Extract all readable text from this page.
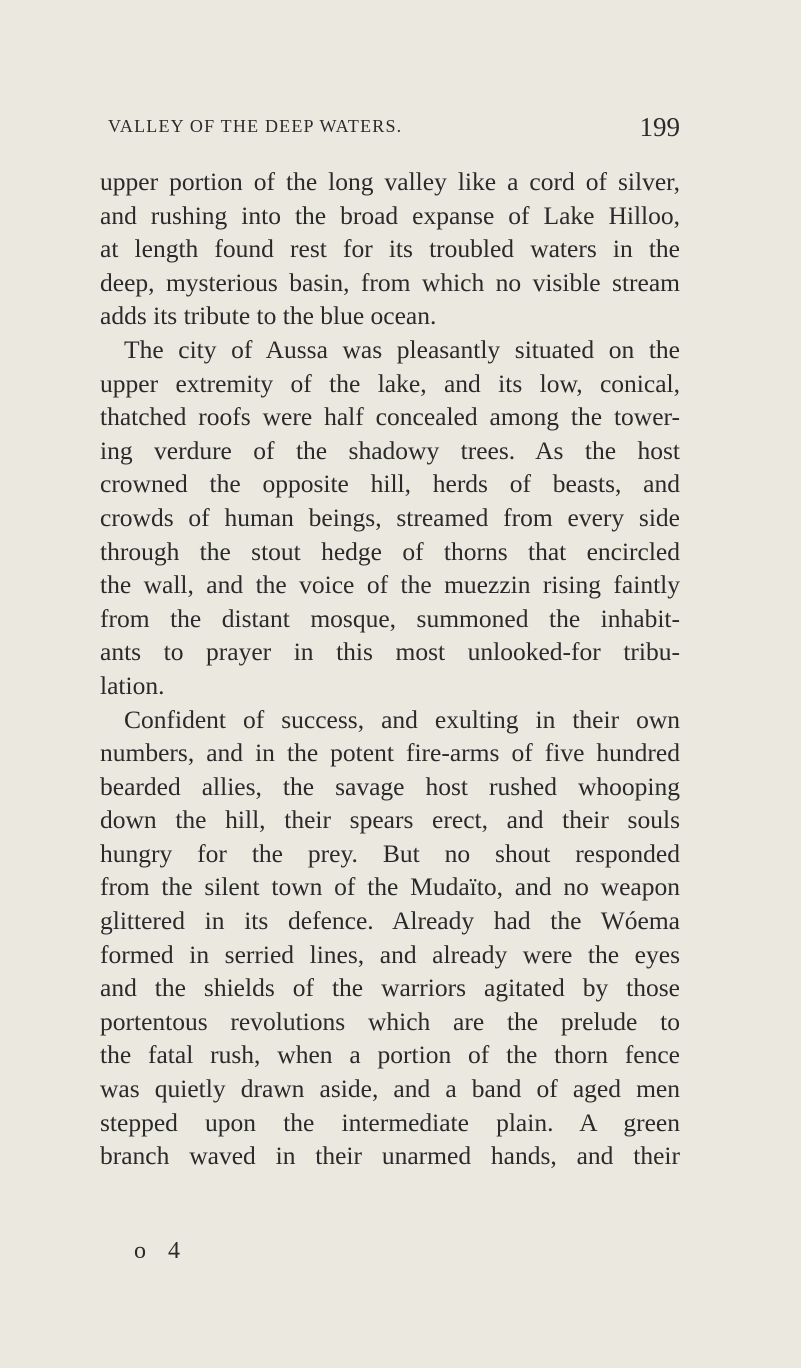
VALLEY OF THE DEEP WATERS.	199
upper portion of the long valley like a cord of silver,
and rushing into the broad expanse of Lake Hilloo,
at length found rest for its troubled waters in the
deep, mysterious basin, from which no visible stream
adds its tribute to the blue ocean.
The city of Aussa was pleasantly situated on the
upper extremity of the lake, and its low, conical,
thatched roofs were half concealed among the tower-
ing verdure of the shadowy trees. As the host
crowned the opposite hill, herds of beasts, and
crowds of human beings, streamed from every side
through the stout hedge of thorns that encircled
the wall, and the voice of the muezzin rising faintly
from the distant mosque, summoned the inhabit-
ants to prayer in this most unlooked-for tribu-
lation.
Confident of success, and exulting in their own
numbers, and in the potent fire-arms of five hundred
bearded allies, the savage host rushed whooping
down the hill, their spears erect, and their souls
hungry for the prey. But no shout responded
from the silent town of the Mudaïto, and no weapon
glittered in its defence. Already had the Wóema
formed in serried lines, and already were the eyes
and the shields of the warriors agitated by those
portentous revolutions which are the prelude to
the fatal rush, when a portion of the thorn fence
was quietly drawn aside, and a band of aged men
stepped upon the intermediate plain. A green
branch waved in their unarmed hands, and their
o 4
